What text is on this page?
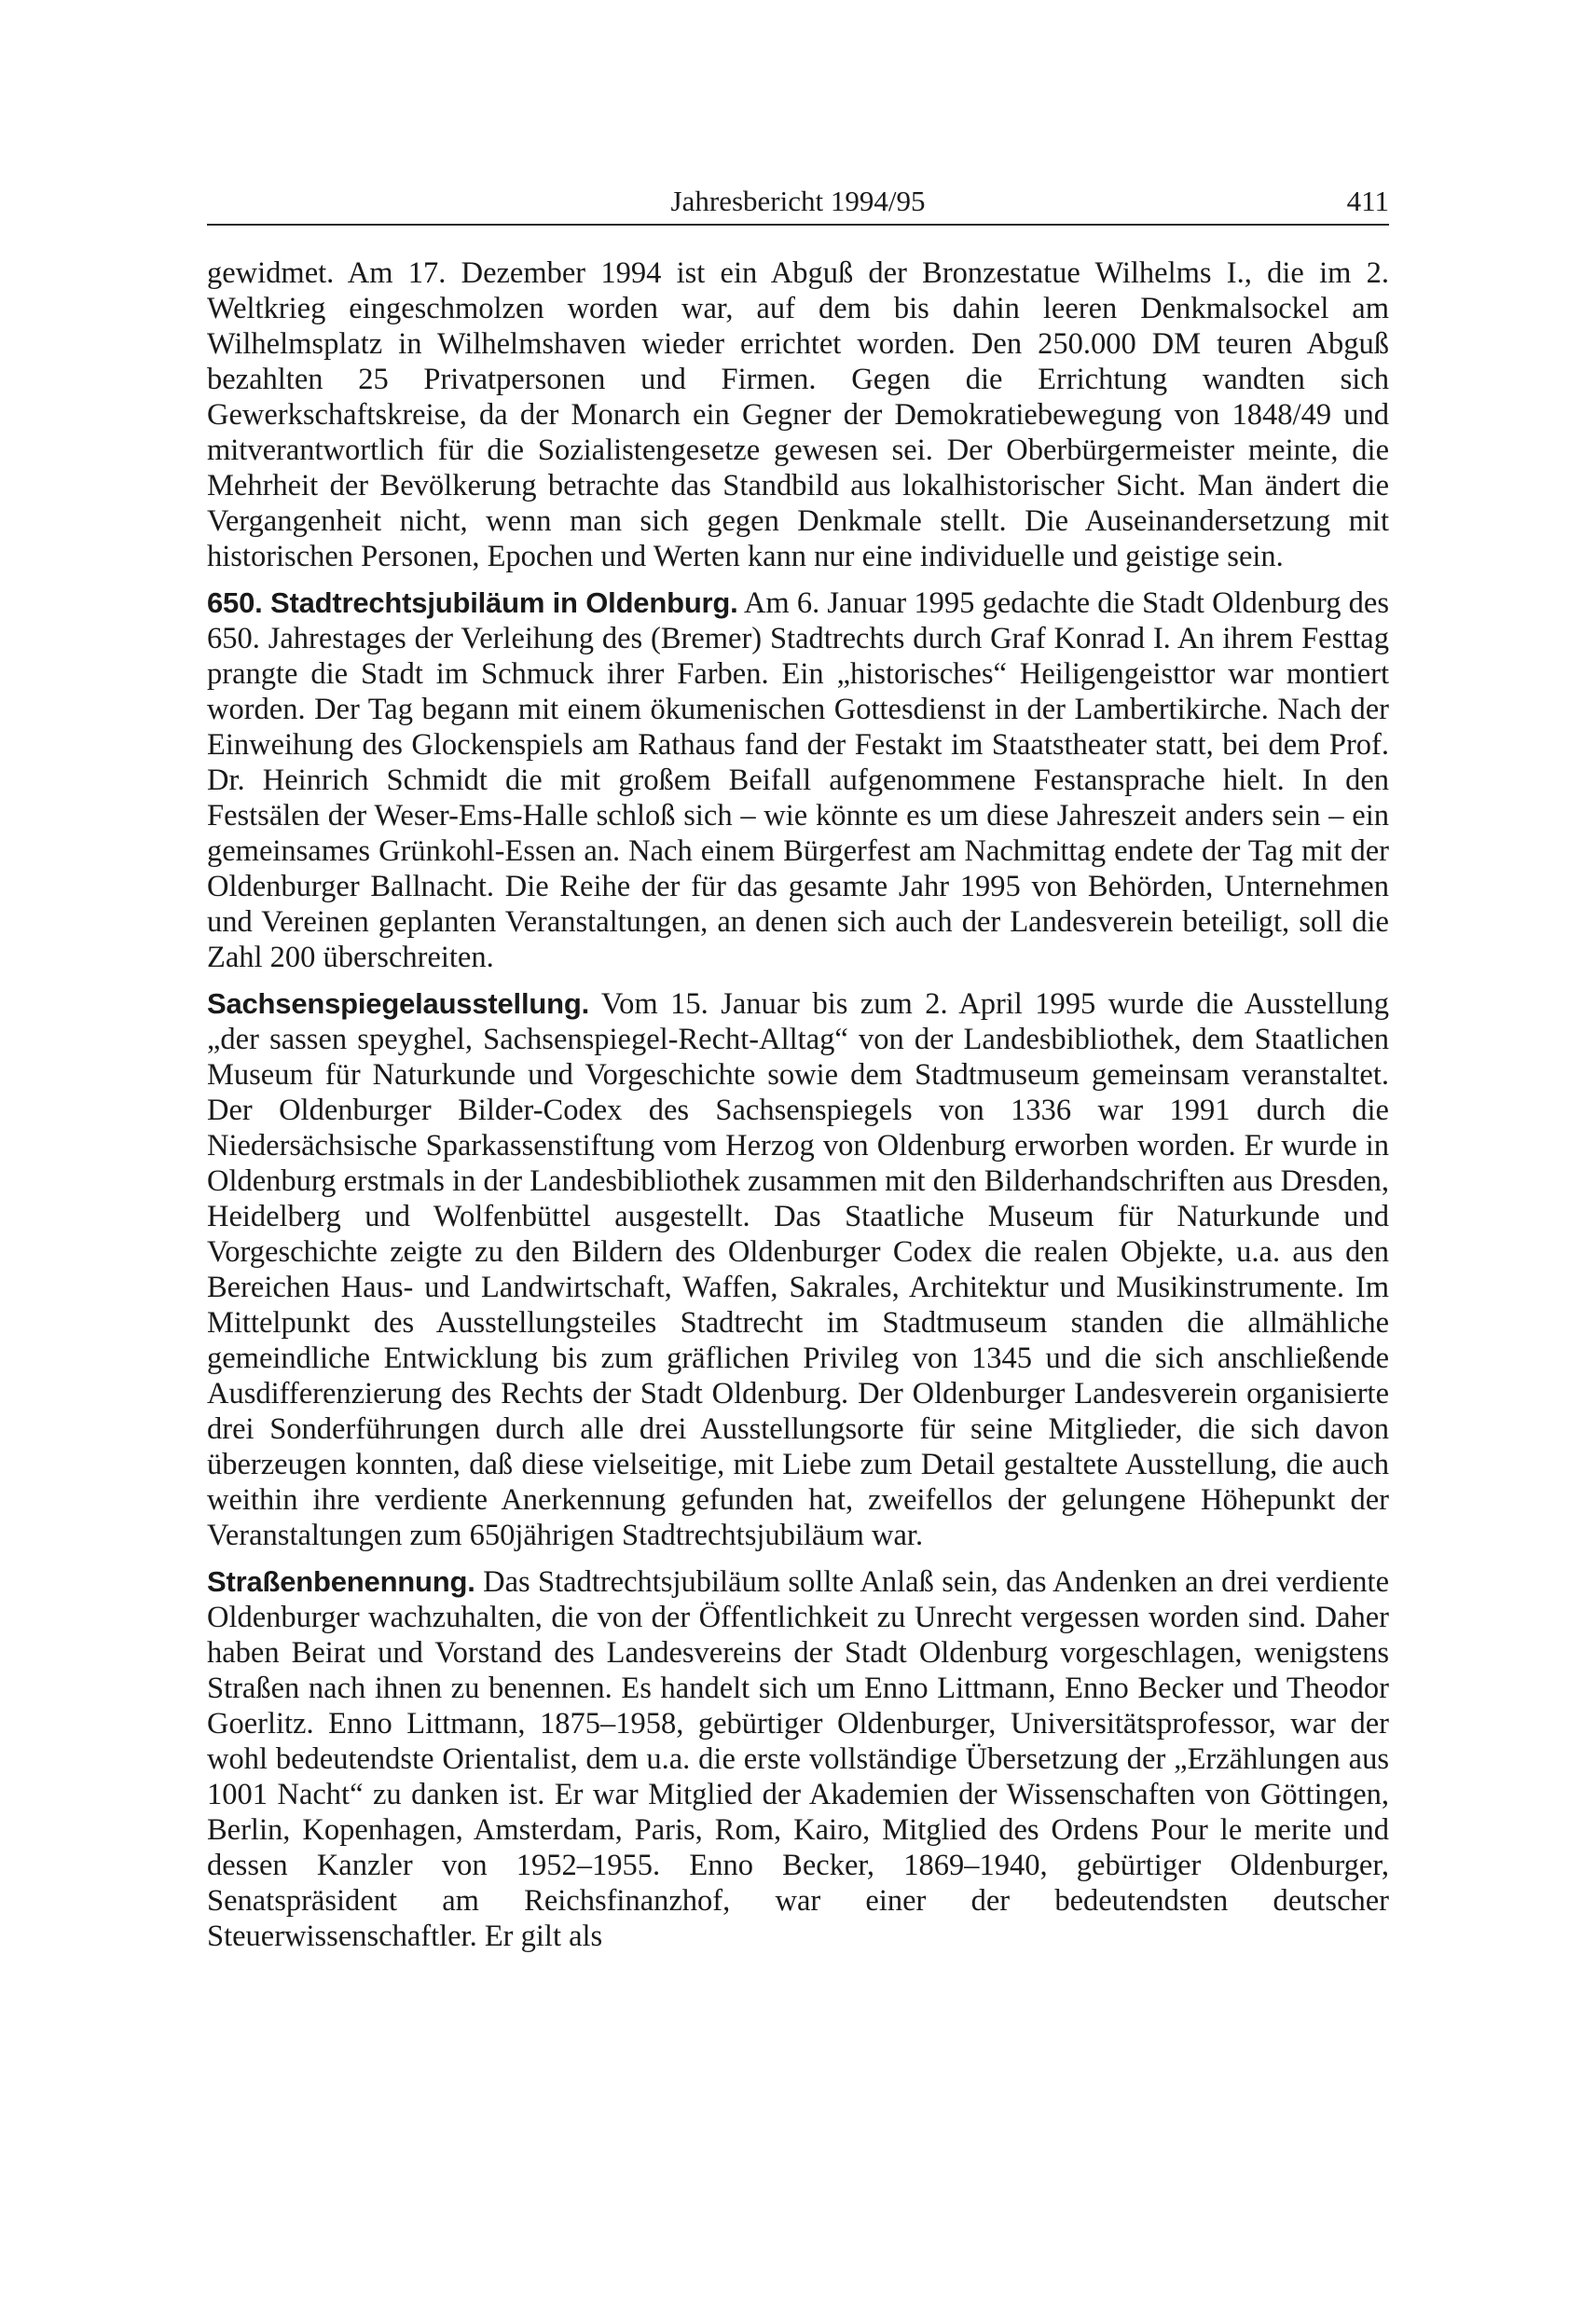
Jahresbericht 1994/95	411

gewidmet. Am 17. Dezember 1994 ist ein Abguß der Bronzestatue Wilhelms I., die im 2. Weltkrieg eingeschmolzen worden war, auf dem bis dahin leeren Denkmalsockel am Wilhelmsplatz in Wilhelmshaven wieder errichtet worden. Den 250.000 DM teuren Abguß bezahlten 25 Privatpersonen und Firmen. Gegen die Errichtung wandten sich Gewerkschaftskreise, da der Monarch ein Gegner der Demokratiebewegung von 1848/49 und mitverantwortlich für die Sozialistengesetze gewesen sei. Der Oberbürgermeister meinte, die Mehrheit der Bevölkerung betrachte das Standbild aus lokalhistorischer Sicht. Man ändert die Vergangenheit nicht, wenn man sich gegen Denkmale stellt. Die Auseinandersetzung mit historischen Personen, Epochen und Werten kann nur eine individuelle und geistige sein.

650. Stadtrechtsjubiläum in Oldenburg. Am 6. Januar 1995 gedachte die Stadt Oldenburg des 650. Jahrestages der Verleihung des (Bremer) Stadtrechts durch Graf Konrad I. An ihrem Festtag prangte die Stadt im Schmuck ihrer Farben. Ein „historisches“ Heiligengeisttor war montiert worden. Der Tag begann mit einem ökumenischen Gottesdienst in der Lambertikirche. Nach der Einweihung des Glockenspiels am Rathaus fand der Festakt im Staatstheater statt, bei dem Prof. Dr. Heinrich Schmidt die mit großem Beifall aufgenommene Festansprache hielt. In den Festsälen der Weser-Ems-Halle schloß sich – wie könnte es um diese Jahreszeit anders sein – ein gemeinsames Grünkohl-Essen an. Nach einem Bürgerfest am Nachmittag endete der Tag mit der Oldenburger Ballnacht. Die Reihe der für das gesamte Jahr 1995 von Behörden, Unternehmen und Vereinen geplanten Veranstaltungen, an denen sich auch der Landesverein beteiligt, soll die Zahl 200 überschreiten.

Sachsenspiegelausstellung. Vom 15. Januar bis zum 2. April 1995 wurde die Ausstellung „der sassen speyghel, Sachsenspiegel-Recht-Alltag“ von der Landesbibliothek, dem Staatlichen Museum für Naturkunde und Vorgeschichte sowie dem Stadtmuseum gemeinsam veranstaltet. Der Oldenburger Bilder-Codex des Sachsenspiegels von 1336 war 1991 durch die Niedersächsische Sparkassenstiftung vom Herzog von Oldenburg erworben worden. Er wurde in Oldenburg erstmals in der Landesbibliothek zusammen mit den Bilderhandschriften aus Dresden, Heidelberg und Wolfenbüttel ausgestellt. Das Staatliche Museum für Naturkunde und Vorgeschichte zeigte zu den Bildern des Oldenburger Codex die realen Objekte, u.a. aus den Bereichen Haus- und Landwirtschaft, Waffen, Sakrales, Architektur und Musikinstrumente. Im Mittelpunkt des Ausstellungsteiles Stadtrecht im Stadtmuseum standen die allmähliche gemeindliche Entwicklung bis zum gräflichen Privileg von 1345 und die sich anschließende Ausdifferenzierung des Rechts der Stadt Oldenburg. Der Oldenburger Landesverein organisierte drei Sonderführungen durch alle drei Ausstellungsorte für seine Mitglieder, die sich davon überzeugen konnten, daß diese vielseitige, mit Liebe zum Detail gestaltete Ausstellung, die auch weithin ihre verdiente Anerkennung gefunden hat, zweifellos der gelungene Höhepunkt der Veranstaltungen zum 650jährigen Stadtrechtsjubiläum war.

Straßenbenennung. Das Stadtrechtsjubiläum sollte Anlaß sein, das Andenken an drei verdiente Oldenburger wachzuhalten, die von der Öffentlichkeit zu Unrecht vergessen worden sind. Daher haben Beirat und Vorstand des Landesvereins der Stadt Oldenburg vorgeschlagen, wenigstens Straßen nach ihnen zu benennen. Es handelt sich um Enno Littmann, Enno Becker und Theodor Goerlitz. Enno Littmann, 1875–1958, gebürtiger Oldenburger, Universitätsprofessor, war der wohl bedeutendste Orientalist, dem u.a. die erste vollständige Übersetzung der „Erzählungen aus 1001 Nacht“ zu danken ist. Er war Mitglied der Akademien der Wissenschaften von Göttingen, Berlin, Kopenhagen, Amsterdam, Paris, Rom, Kairo, Mitglied des Ordens Pour le merite und dessen Kanzler von 1952–1955. Enno Becker, 1869–1940, gebürtiger Oldenburger, Senatspräsident am Reichsfinanzhof, war einer der bedeutendsten deutscher Steuerwissenschaftler. Er gilt als
